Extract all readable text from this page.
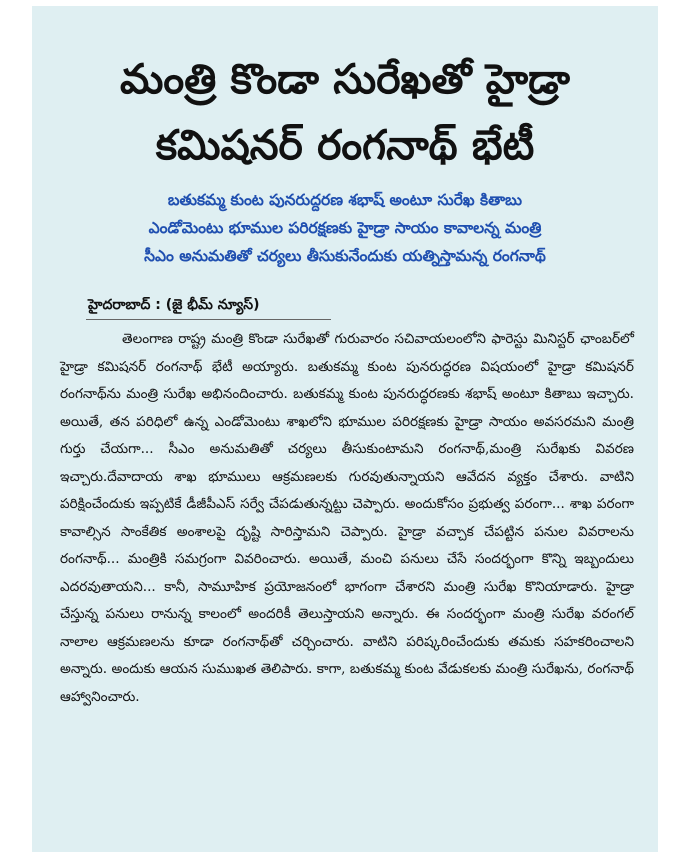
మంత్రి కొండా సురేఖతో హైడ్రా
కమిషనర్ రంగనాథ్ భేటీ
బతుకమ్మ కుంట పునరుద్దరణ శభాష్ అంటూ సురేఖ కితాబు
ఎండోమెంటు భూముల పరిరక్షణకు హైడ్రా సాయం కావాలన్న మంత్రి
సీఎం అనుమతితో చర్యలు తీసుకునేందుకు యత్నిస్తామన్న రంగనాథ్
హైదరాబాద్ : (జై భీమ్ న్యూస్)
తెలంగాణ రాష్ట్ర మంత్రి కొండా సురేఖతో గురువారం సచివాయలంలోని ఫారెస్టు మినిస్టర్ ఛాంబర్‌లో హైడ్రా కమిషనర్ రంగనాథ్ భేటీ అయ్యారు. బతుకమ్మ కుంట పునరుద్ధరణ విషయంలో హైడ్రా కమిషనర్ రంగనాథ్‌ను మంత్రి సురేఖ అభినందించారు. బతుకమ్మ కుంట పునరుద్ధరణకు శభాష్ అంటూ కితాబు ఇచ్చారు. అయితే, తన పరిధిలో ఉన్న ఎండోమెంటు శాఖలోని భూముల పరిరక్షణకు హైడ్రా సాయం అవసరమని మంత్రి గుర్తు చేయగా... సీఎం అనుమతితో చర్యలు తీసుకుంటామని రంగనాథ్,మంత్రి సురేఖకు వివరణ ఇచ్చారు.దేవాదాయ శాఖ భూములు ఆక్రమణలకు గురవుతున్నాయని ఆవేదన వ్యక్తం చేశారు. వాటిని పరిక్షించేందుకు ఇప్పటికే డీజీపీఎస్ సర్వే చేపడుతున్నట్టు చెప్పారు. అందుకోసం ప్రభుత్వ పరంగా... శాఖ పరంగా కావాల్సిన సాంకేతిక అంశాలపై దృష్టి సారిస్తామని చెప్పారు. హైడ్రా వచ్చాక చేపట్టిన పనుల వివరాలను రంగనాథ్... మంత్రికి సమగ్రంగా వివరించారు. అయితే, మంచి పనులు చేసే సందర్భంగా కొన్ని ఇబ్బందులు ఎదరవుతాయని... కానీ, సామూహిక ప్రయోజనంలో భాగంగా చేశారని మంత్రి సురేఖ కొనియాడారు. హైడ్రా చేస్తున్న పనులు రానున్న కాలంలో అందరికీ తెలుస్తాయని అన్నారు. ఈ సందర్భంగా మంత్రి సురేఖ వరంగల్ నాలాల ఆక్రమణలను కూడా రంగనాథ్‌తో చర్చించారు. వాటిని పరిష్కరించేందుకు తమకు సహకరించాలని అన్నారు. అందుకు ఆయన సుముఖత తెలిపారు. కాగా, బతుకమ్మ కుంట వేడుకలకు మంత్రి సురేఖను, రంగనాథ్ ఆహ్వానించారు.
